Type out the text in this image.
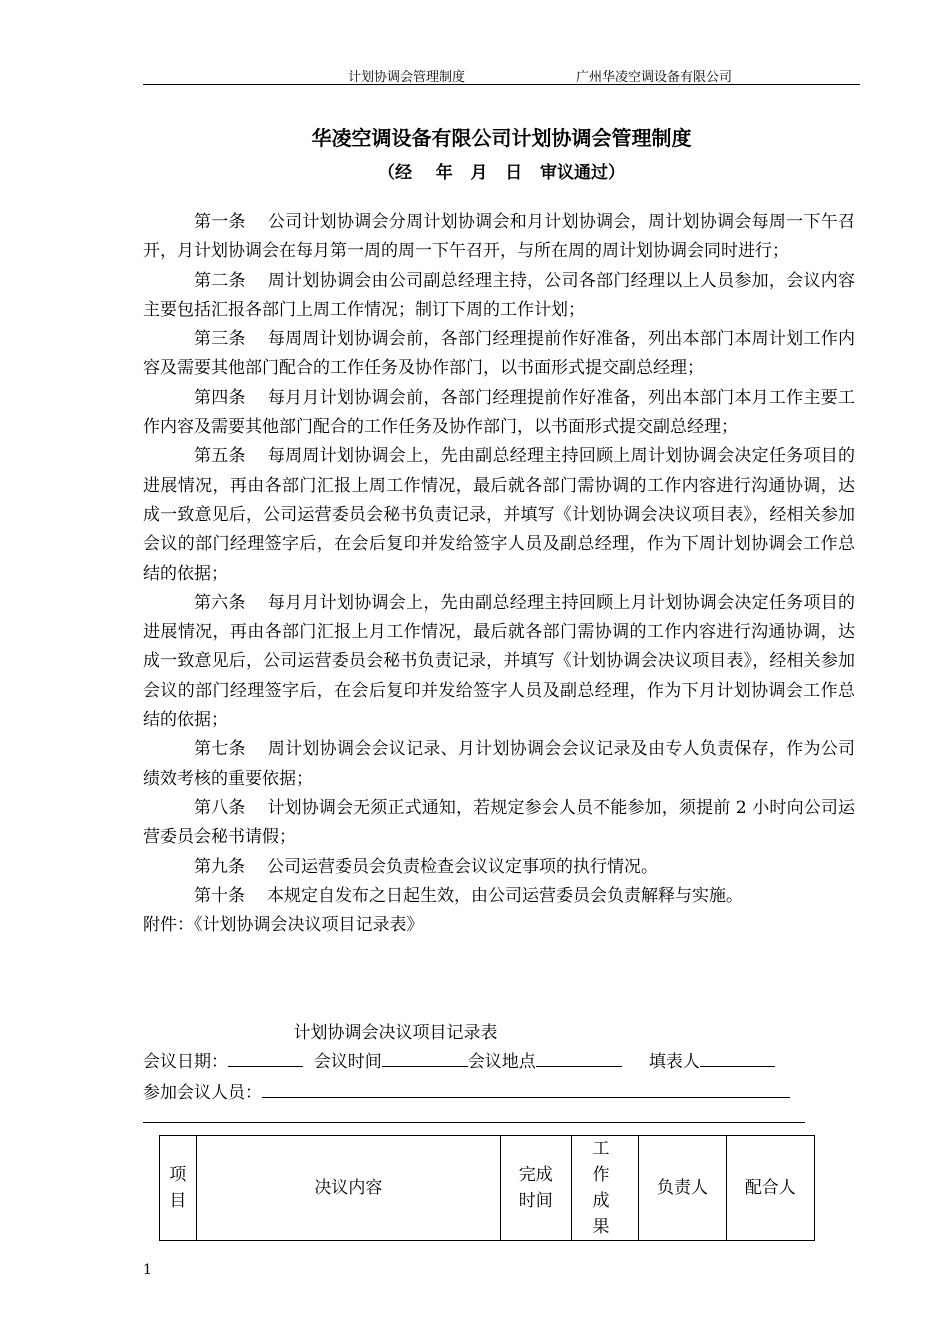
计划协调会管理制度	广州华凌空调设备有限公司
华凌空调设备有限公司计划协调会管理制度
（经    年   月   日   审议通过）

第一条 公司计划协调会分周计划协调会和月计划协调会，周计划协调会每周一下午召开，月计划协调会在每月第一周的周一下午召开，与所在周的周计划协调会同时进行；

第二条 周计划协调会由公司副总经理主持，公司各部门经理以上人员参加，会议内容主要包括汇报各部门上周工作情况；制订下周的工作计划；

第三条 每周周计划协调会前，各部门经理提前作好准备，列出本部门本周计划工作内容及需要其他部门配合的工作任务及协作部门，以书面形式提交副总经理；

第四条 每月月计划协调会前，各部门经理提前作好准备，列出本部门本月工作主要工作内容及需要其他部门配合的工作任务及协作部门，以书面形式提交副总经理；

第五条 每周周计划协调会上，先由副总经理主持回顾上周计划协调会决定任务项目的进展情况，再由各部门汇报上周工作情况，最后就各部门需协调的工作内容进行沟通协调，达成一致意见后，公司运营委员会秘书负责记录，并填写《计划协调会决议项目表》，经相关参加会议的部门经理签字后，在会后复印并发给签字人员及副总经理，作为下周计划协调会工作总结的依据；

第六条 每月月计划协调会上，先由副总经理主持回顾上月计划协调会决定任务项目的进展情况，再由各部门汇报上月工作情况，最后就各部门需协调的工作内容进行沟通协调，达成一致意见后，公司运营委员会秘书负责记录，并填写《计划协调会决议项目表》，经相关参加会议的部门经理签字后，在会后复印并发给签字人员及副总经理，作为下月计划协调会工作总结的依据；

第七条 周计划协调会会议记录、月计划协调会会议记录及由专人负责保存，作为公司绩效考核的重要依据；

第八条 计划协调会无须正式通知，若规定参会人员不能参加，须提前 2 小时向公司运营委员会秘书请假；

第九条 公司运营委员会负责检查会议议定事项的执行情况。

第十条 本规定自发布之日起生效，由公司运营委员会负责解释与实施。

附件：《计划协调会决议项目记录表》

计划协调会决议项目记录表
会议日期：	会议时间	会议地点	填表人
参加会议人员：
项目	决议内容	完成时间	工作成果	负责人	配合人
1
